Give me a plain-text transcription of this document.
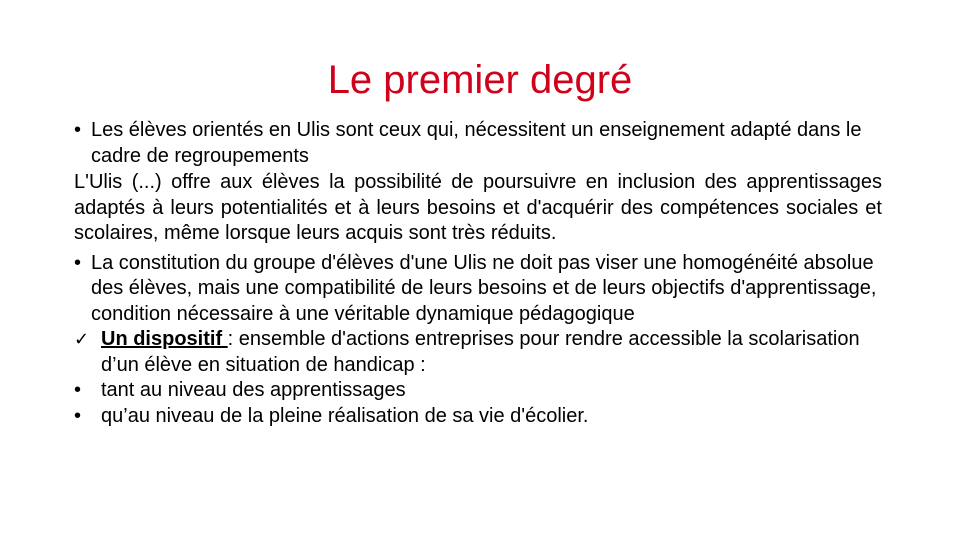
Le premier degré
• Les élèves orientés en Ulis sont ceux qui, nécessitent un enseignement adapté dans le cadre de regroupements
L'Ulis (...) offre aux élèves la possibilité de poursuivre en inclusion des apprentissages adaptés à leurs potentialités et à leurs besoins et d'acquérir des compétences sociales et scolaires, même lorsque leurs acquis sont très réduits.
• La constitution du groupe d'élèves d'une Ulis ne doit pas viser une homogénéité absolue des élèves, mais une compatibilité de leurs besoins et de leurs objectifs d'apprentissage, condition nécessaire à une véritable dynamique pédagogique
✓ Un dispositif : ensemble d'actions entreprises pour rendre accessible la scolarisation d’un élève en situation de handicap :
• tant au niveau des apprentissages
• qu’au niveau de la pleine réalisation de sa vie d'écolier.
